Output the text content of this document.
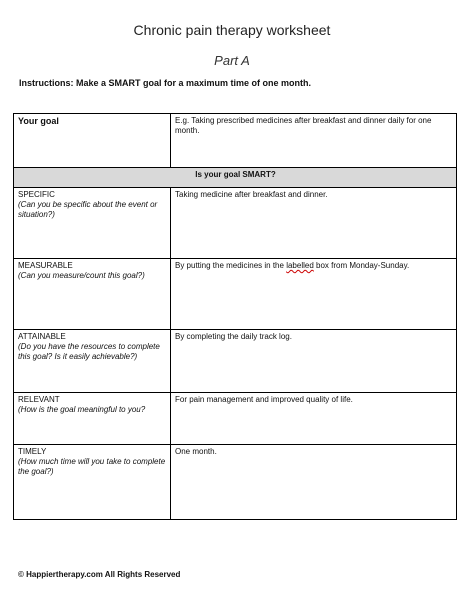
Chronic pain therapy worksheet
Part A
Instructions: Make a SMART goal for a maximum time of one month.
Your goal	E.g. Taking prescribed medicines after breakfast and dinner daily for one month.
Is your goal SMART?	

SPECIFIC
(Can you be specific about the event or situation?)	Taking medicine after breakfast and dinner.

MEASURABLE
(Can you measure/count this goal?)	By putting the medicines in the labelled box from Monday-Sunday.

ATTAINABLE
(Do you have the resources to complete this goal? Is it easily achievable?)	By completing the daily track log.

RELEVANT
(How is the goal meaningful to you?	For pain management and improved quality of life.

TIMELY
(How much time will you take to complete the goal?)	One month.
© Happiertherapy.com All Rights Reserved
